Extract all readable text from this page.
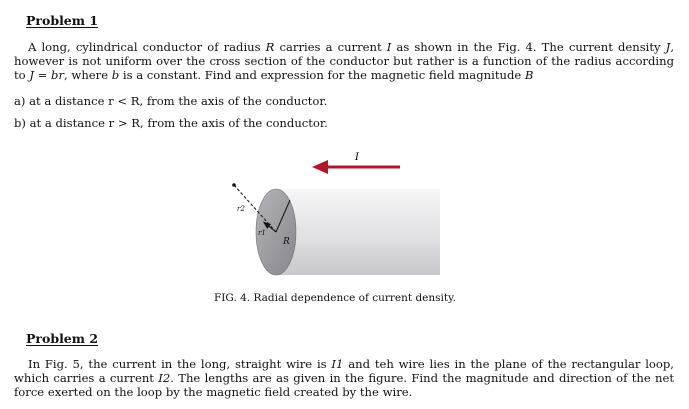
Problem 1
A long, cylindrical conductor of radius R carries a current I as shown in the Fig. 4. The current density J, however is not uniform over the cross section of the conductor but rather is a function of the radius according to J = br, where b is a constant. Find and expression for the magnetic field magnitude B
a) at a distance r < R, from the axis of the conductor.
b) at a distance r > R, from the axis of the conductor.
I
R
r1
r2
FIG. 4. Radial dependence of current density.
Problem 2
In Fig. 5, the current in the long, straight wire is I1 and teh wire lies in the plane of the rectangular loop, which carries a current I2. The lengths are as given in the figure. Find the magnitude and direction of the net force exerted on the loop by the magnetic field created by the wire.
